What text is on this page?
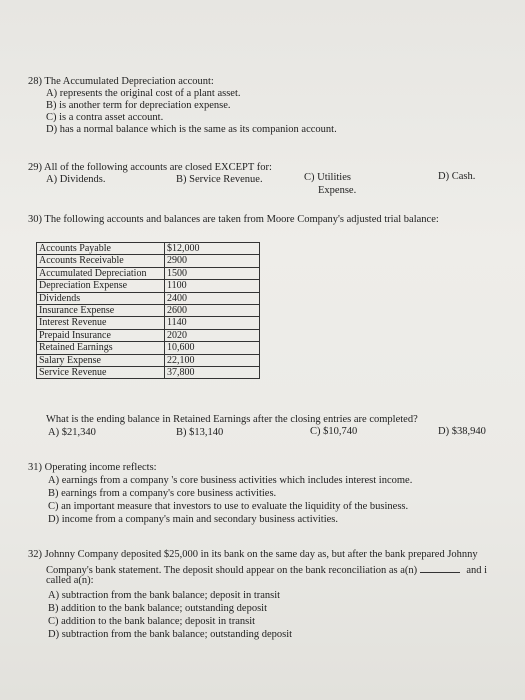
28) The Accumulated Depreciation account:
A) represents the original cost of a plant asset.
B) is another term for depreciation expense.
C) is a contra asset account.
D) has a normal balance which is the same as its companion account.
29) All of the following accounts are closed EXCEPT for:
A) Dividends.	B) Service Revenue.	C) Utilities
Expense.
D) Cash.
30) The following accounts and balances are taken from Moore Company's adjusted trial balance:
Accounts Payable	$12,000
Accounts Receivable	2900
Accumulated Depreciation	1500
Depreciation Expense	1100
Dividends	2400
Insurance Expense	2600
Interest Revenue	1140
Prepaid Insurance	2020
Retained Earnings	10,600
Salary Expense	22,100
Service Revenue	37,800
What is the ending balance in Retained Earnings after the closing entries are completed?
A) $21,340	B) $13,140	C) $10,740	D) $38,940
31) Operating income reflects:
A) earnings from a company 's core business activities which includes interest income.
B) earnings from a company's core business activities.
C) an important measure that investors to use to evaluate the liquidity of the business.
D) income from a company's main and secondary business activities.
32) Johnny Company deposited $25,000 in its bank on the same day as, but after the bank prepared Johnny
Company's bank statement. The deposit should appear on the bank reconciliation as a(n)	and i
called a(n):
A) subtraction from the bank balance; deposit in transit
B) addition to the bank balance; outstanding deposit
C) addition to the bank balance; deposit in transit
D) subtraction from the bank balance; outstanding deposit
